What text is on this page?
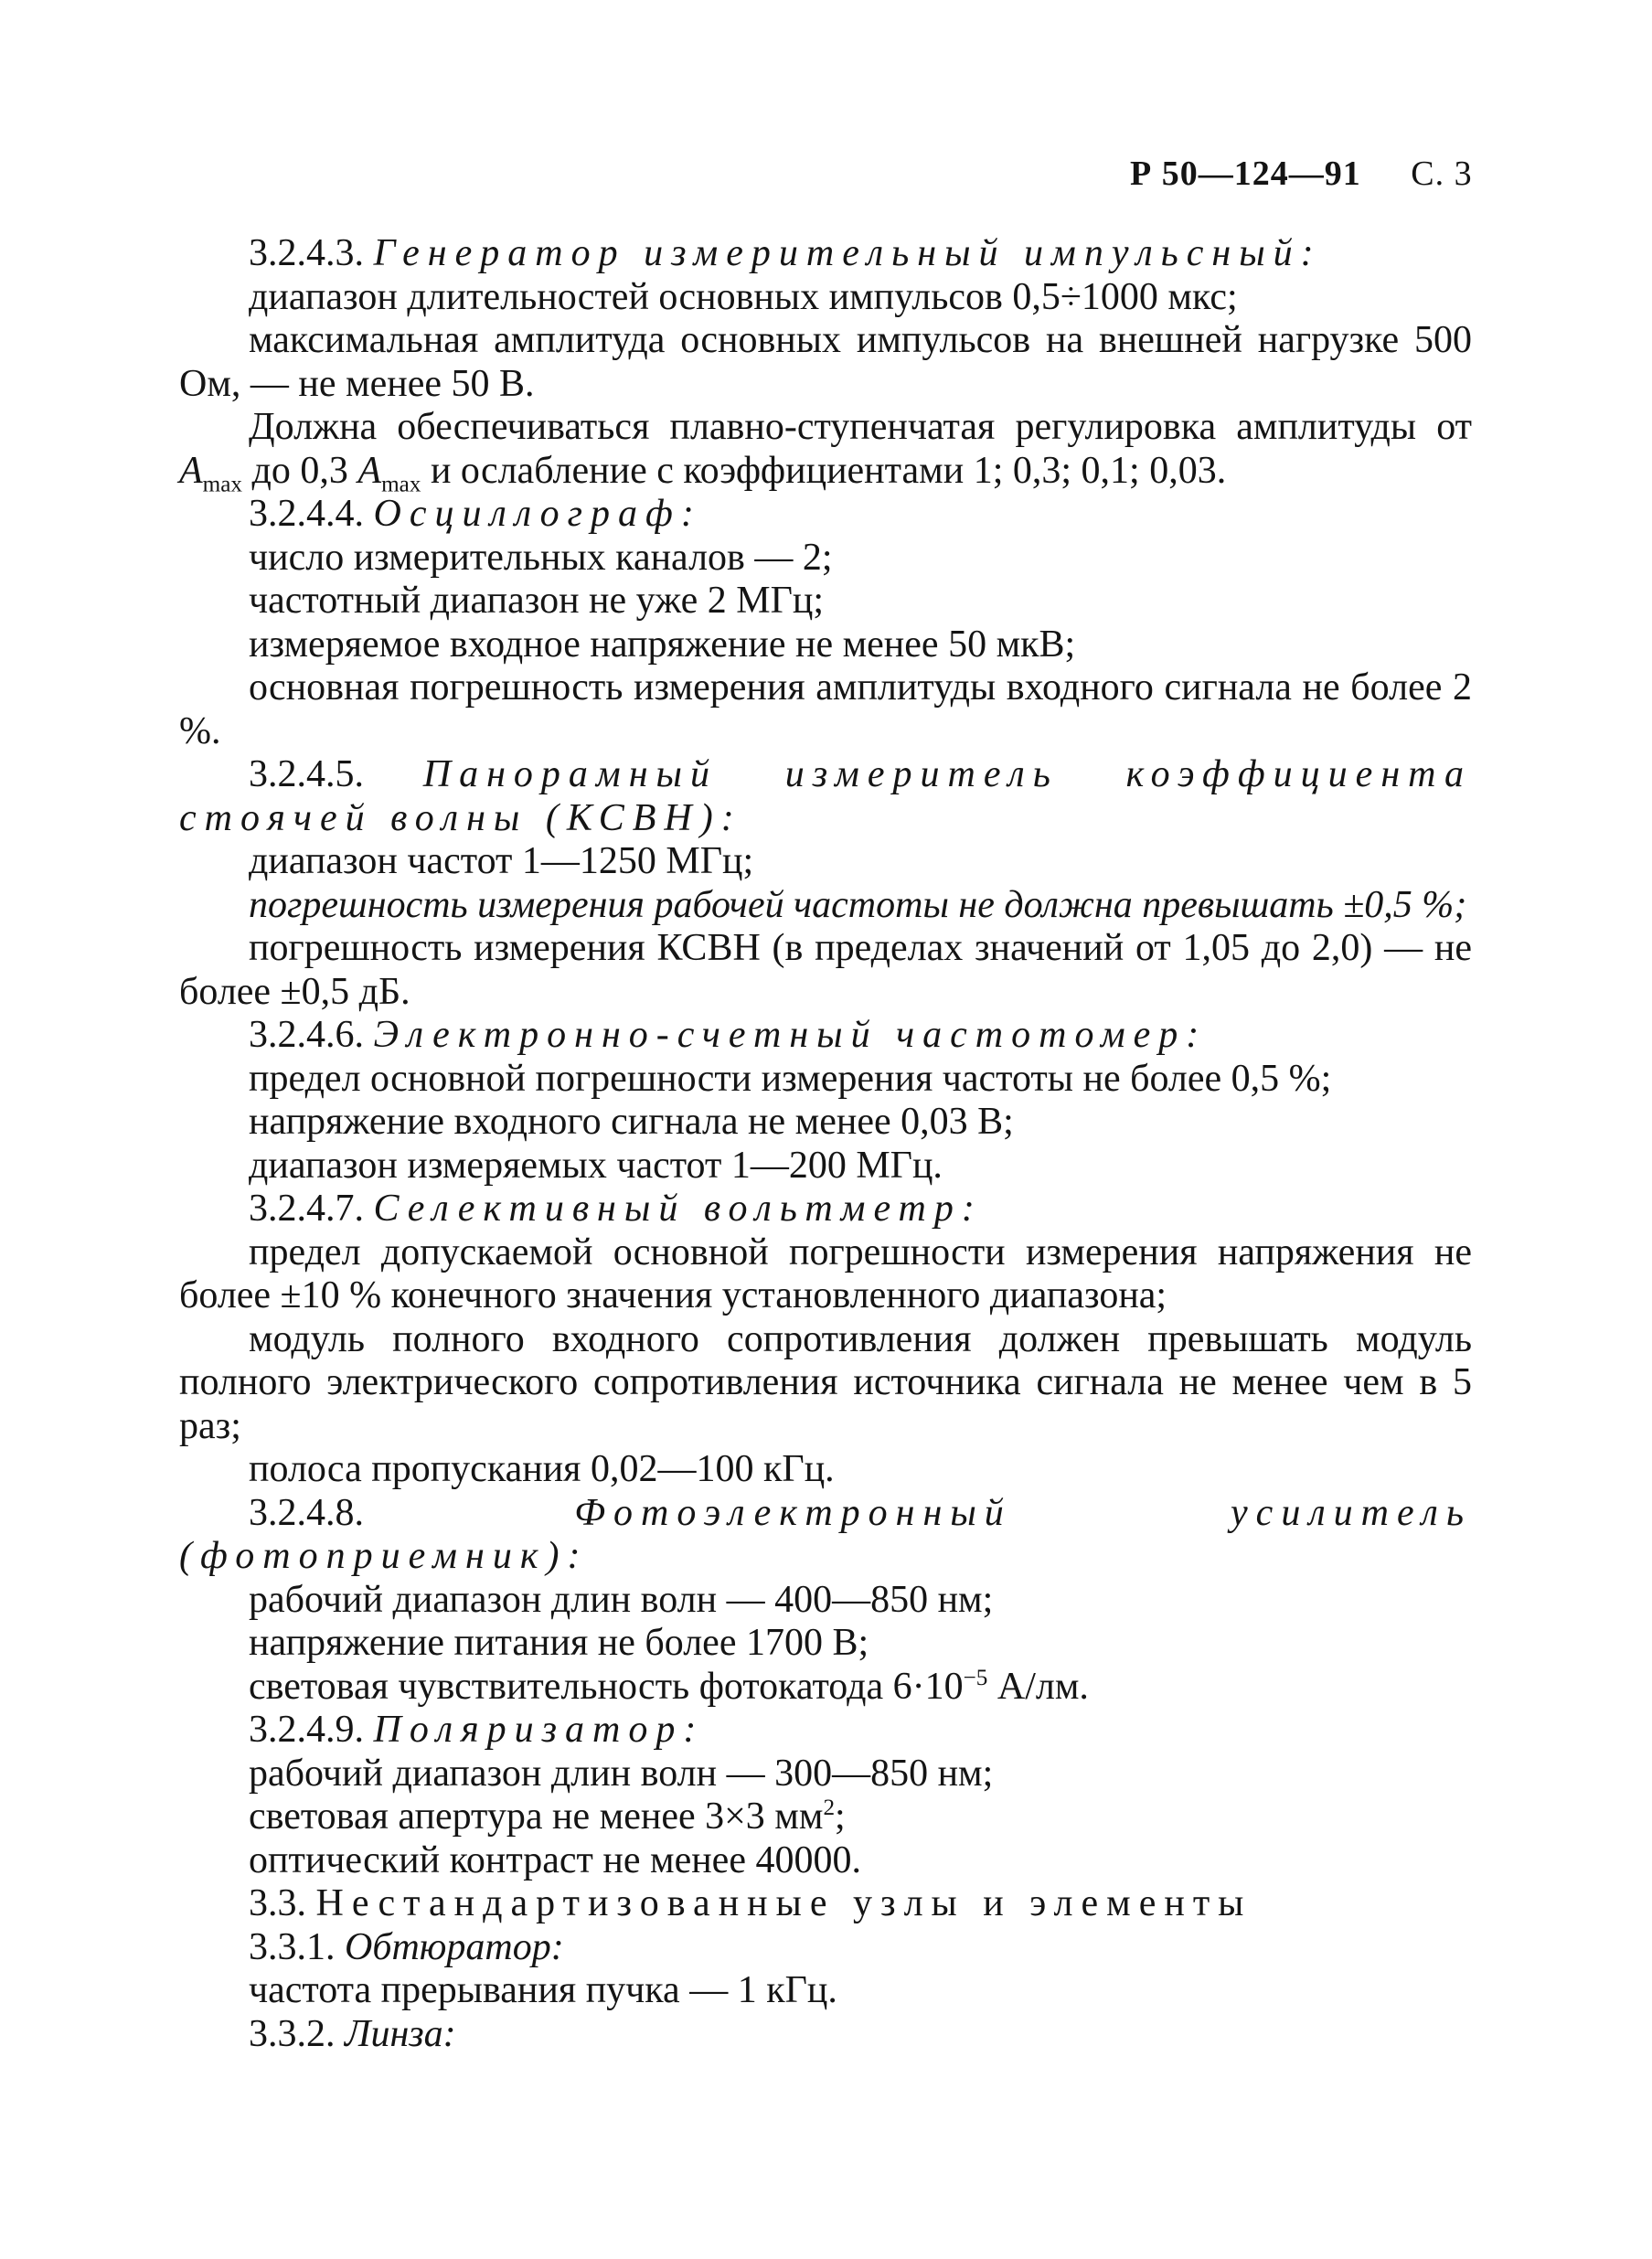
Р 50—124—91 С. 3

3.2.4.3. Генератор измерительный импульсный:

диапазон длительностей основных импульсов 0,5÷1000 мкс;

максимальная амплитуда основных импульсов на внешней нагрузке 500 Ом, — не менее 50 В.

Должна обеспечиваться плавно-ступенчатая регулировка амплитуды от $A_{max}$ до 0,3 $A_{max}$ и ослабление с коэффициентами 1; 0,3; 0,1; 0,03.

3.2.4.4. Осциллограф:

число измерительных каналов — 2;

частотный диапазон не уже 2 МГц;

измеряемое входное напряжение не менее 50 мкВ;

основная погрешность измерения амплитуды входного сигнала не более 2 %.

3.2.4.5. Панорамный измеритель коэффициента стоячей волны (КСВН):

диапазон частот 1—1250 МГц;

погрешность измерения рабочей частоты не должна превышать ±0,5 %;

погрешность измерения КСВН (в пределах значений от 1,05 до 2,0) — не более ±0,5 дБ.

3.2.4.6. Электронно-счетный частотомер:

предел основной погрешности измерения частоты не более 0,5 %;

напряжение входного сигнала не менее 0,03 В;

диапазон измеряемых частот 1—200 МГц.

3.2.4.7. Селективный вольтметр:

предел допускаемой основной погрешности измерения напряжения не более ±10 % конечного значения установленного диапазона;

модуль полного входного сопротивления должен превышать модуль полного электрического сопротивления источника сигнала не менее чем в 5 раз;

полоса пропускания 0,02—100 кГц.

3.2.4.8.	Фотоэлектронный усилитель (фотоприемник):

рабочий диапазон длин волн — 400—850 нм;

напряжение питания не более 1700 В;

световая чувствительность фотокатода $6\cdot 10^{-5}$ А/лм.

3.2.4.9. Поляризатор:

рабочий диапазон длин волн — 300—850 нм;

световая апертура не менее 3×3 $мм^2$;

оптический контраст не менее 40000.

3.3. Нестандартизованные узлы и элементы

3.3.1. Обтюратор:

частота прерывания пучка — 1 кГц.

3.3.2. Линза:
